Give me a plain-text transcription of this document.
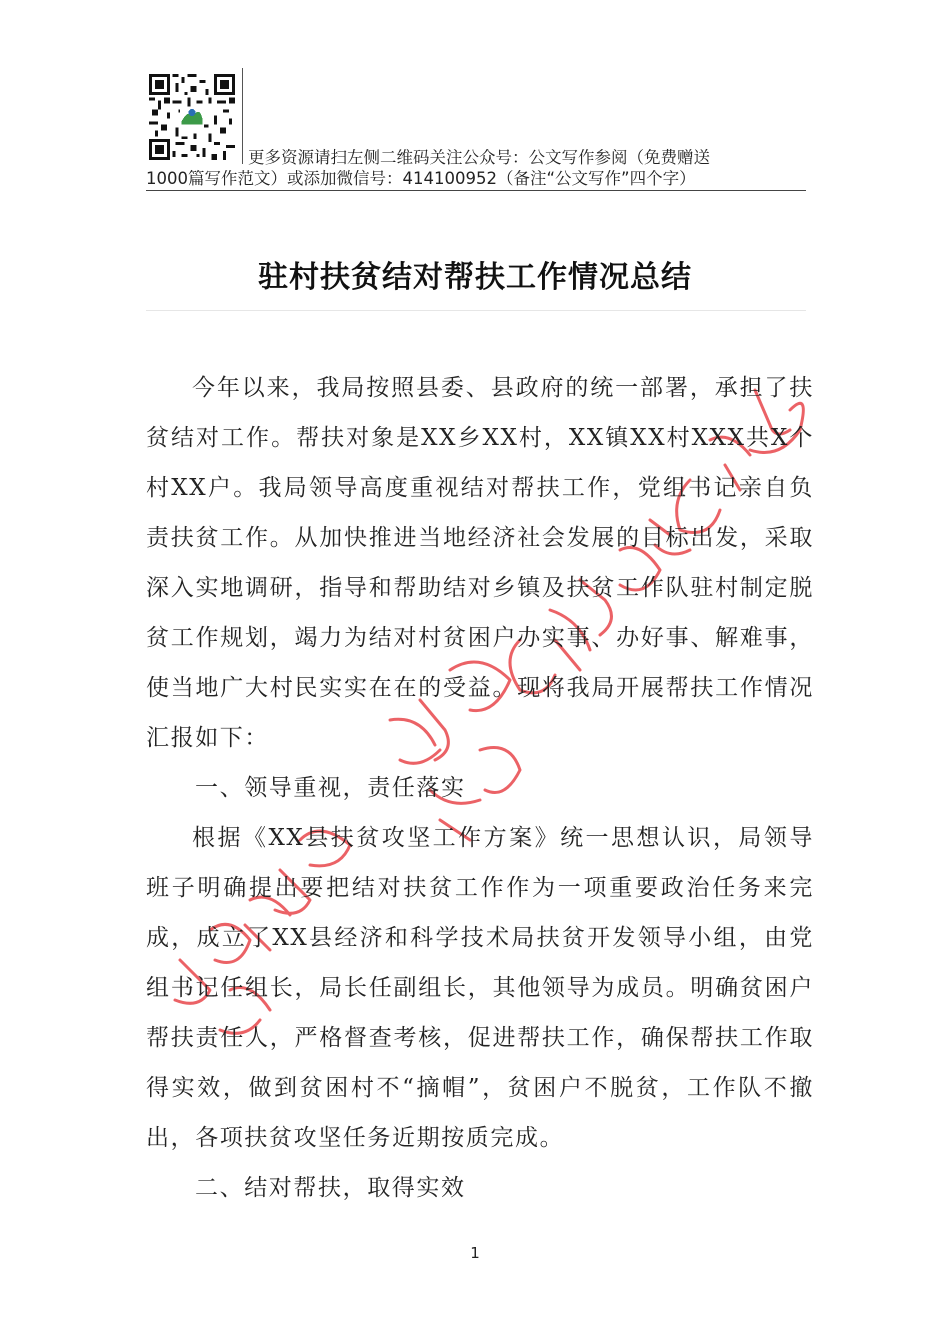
更多资源请扫左侧二维码关注公众号：公文写作参阅（免费赠送
1000篇写作范文）或添加微信号：414100952（备注“公文写作”四个字）
驻村扶贫结对帮扶工作情况总结

今年以来，我局按照县委、县政府的统一部署，承担了扶贫结对工作。帮扶对象是XX乡XX村，XX镇XX村XXX共X个村XX户。我局领导高度重视结对帮扶工作，党组书记亲自负责扶贫工作。从加快推进当地经济社会发展的目标出发，采取深入实地调研，指导和帮助结对乡镇及扶贫工作队驻村制定脱贫工作规划，竭力为结对村贫困户办实事、办好事、解难事，使当地广大村民实实在在的受益。现将我局开展帮扶工作情况汇报如下：

一、领导重视，责任落实

根据《XX县扶贫攻坚工作方案》统一思想认识，局领导班子明确提出要把结对扶贫工作作为一项重要政治任务来完成，成立了XX县经济和科学技术局扶贫开发领导小组，由党组书记任组长，局长任副组长，其他领导为成员。明确贫困户帮扶责任人，严格督查考核，促进帮扶工作，确保帮扶工作取得实效，做到贫困村不“摘帽”，贫困户不脱贫，工作队不撤出，各项扶贫攻坚任务近期按质完成。

二、结对帮扶，取得实效

1
